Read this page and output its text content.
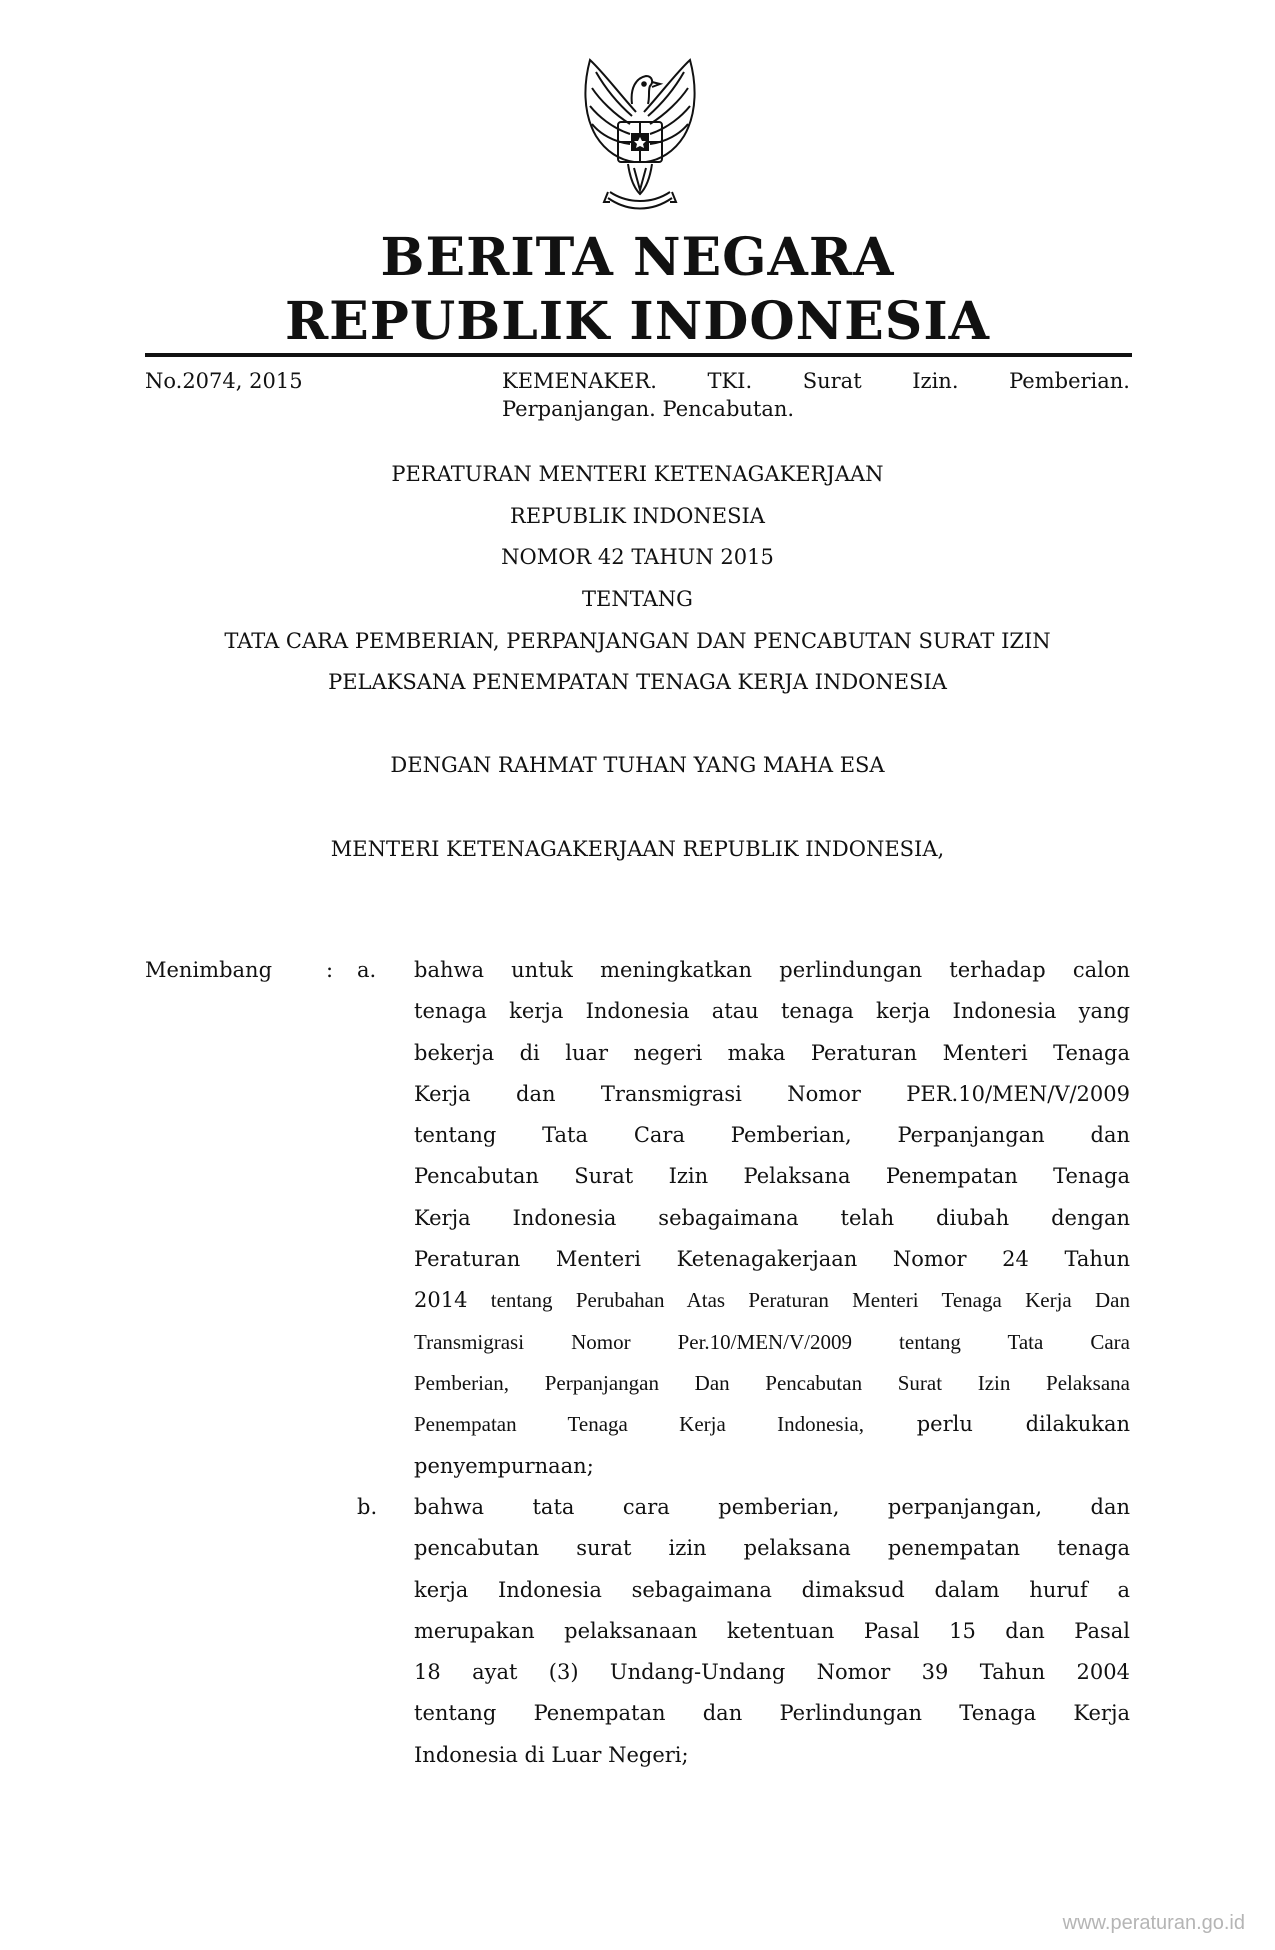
BERITA NEGARA
REPUBLIK INDONESIA
No.2074, 2015	KEMENAKER. TKI. Surat Izin. Pemberian.
Perpanjangan. Pencabutan.
PERATURAN MENTERI KETENAGAKERJAAN
REPUBLIK INDONESIA
NOMOR 42 TAHUN 2015
TENTANG
TATA CARA PEMBERIAN, PERPANJANGAN DAN PENCABUTAN SURAT IZIN
PELAKSANA PENEMPATAN TENAGA KERJA INDONESIA
DENGAN RAHMAT TUHAN YANG MAHA ESA
MENTERI KETENAGAKERJAAN REPUBLIK INDONESIA,
Menimbang	: a. bahwa untuk meningkatkan perlindungan terhadap calon
tenaga kerja Indonesia atau tenaga kerja Indonesia yang
bekerja di luar negeri maka Peraturan Menteri Tenaga
Kerja dan Transmigrasi Nomor PER.10/MEN/V/2009
tentang Tata Cara Pemberian, Perpanjangan dan
Pencabutan Surat Izin Pelaksana Penempatan Tenaga
Kerja Indonesia sebagaimana telah diubah dengan
Peraturan Menteri Ketenagakerjaan Nomor 24 Tahun
2014 tentang Perubahan Atas Peraturan Menteri Tenaga Kerja Dan
Transmigrasi Nomor Per.10/MEN/V/2009 tentang Tata Cara
Pemberian, Perpanjangan Dan Pencabutan Surat Izin Pelaksana
Penempatan Tenaga Kerja Indonesia, perlu dilakukan
penyempurnaan;
b. bahwa tata cara pemberian, perpanjangan, dan
pencabutan surat izin pelaksana penempatan tenaga
kerja Indonesia sebagaimana dimaksud dalam huruf a
merupakan pelaksanaan ketentuan Pasal 15 dan Pasal
18 ayat (3) Undang-Undang Nomor 39 Tahun 2004
tentang Penempatan dan Perlindungan Tenaga Kerja
Indonesia di Luar Negeri;
www.peraturan.go.id
